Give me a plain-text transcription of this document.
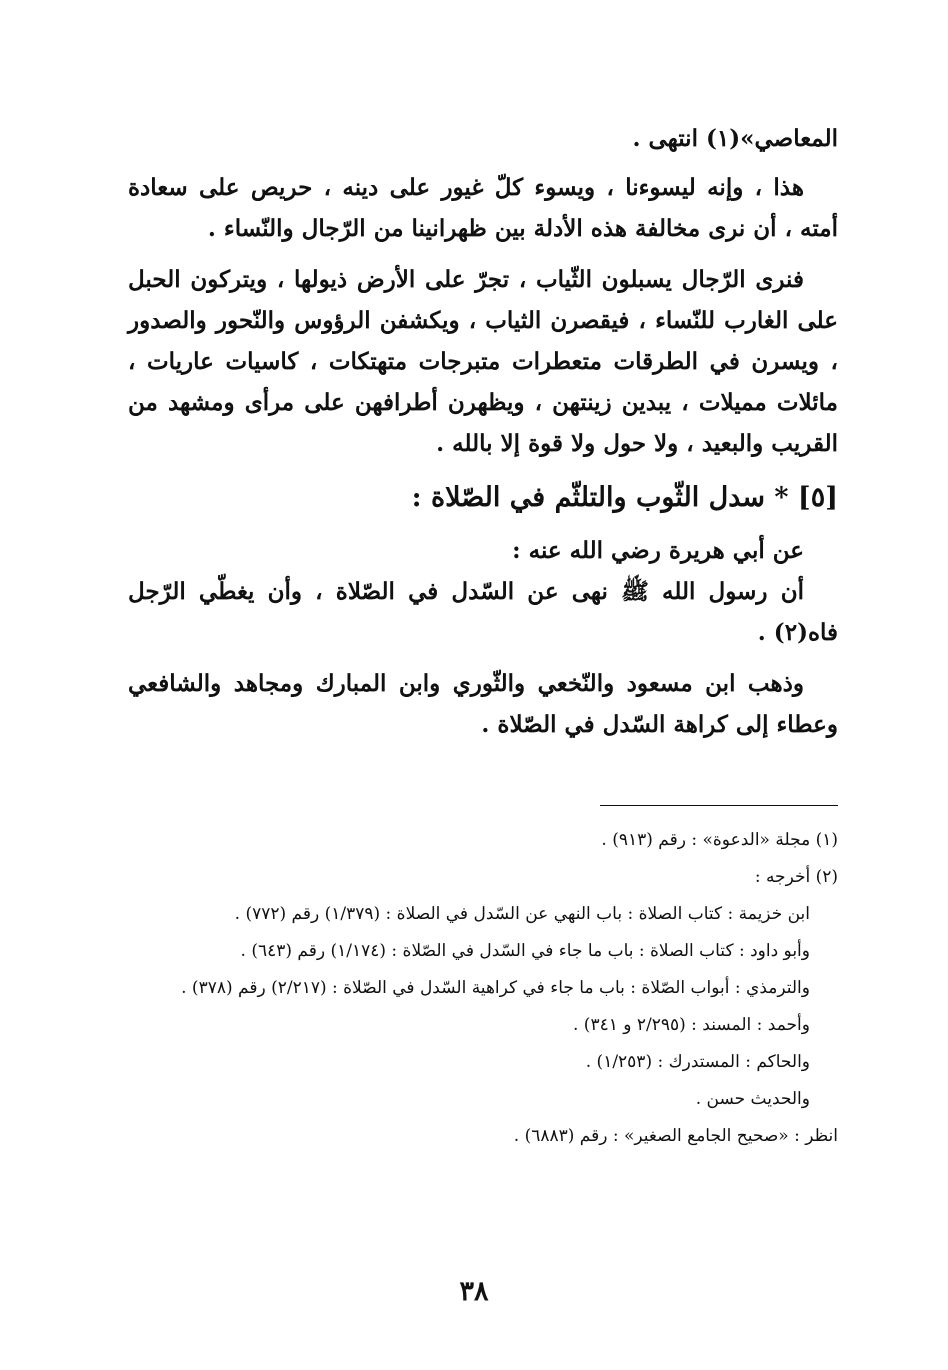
المعاصي»(١) انتهى .

هذا ، وإنه ليسوءنا ، ويسوء كلّ غيور على دينه ، حريص على سعادة أمته ، أن نرى مخالفة هذه الأدلة بين ظهرانينا من الرّجال والنّساء .

فنرى الرّجال يسبلون الثّياب ، تجرّ على الأرض ذيولها ، ويتركون الحبل على الغارب للنّساء ، فيقصرن الثياب ، ويكشفن الرؤوس والنّحور والصدور ، ويسرن في الطرقات متعطرات متبرجات متهتكات ، كاسيات عاريات ، مائلات مميلات ، يبدين زينتهن ، ويظهرن أطرافهن على مرأى ومشهد من القريب والبعيد ، ولا حول ولا قوة إلا بالله .

[٥] * سدل الثّوب والتلثّم في الصّلاة :

عن أبي هريرة رضي الله عنه :

أن رسول الله ﷺ نهى عن السّدل في الصّلاة ، وأن يغطّي الرّجل فاه(٢) .

وذهب ابن مسعود والنّخعي والثّوري وابن المبارك ومجاهد والشافعي وعطاء إلى كراهة السّدل في الصّلاة .

(١) مجلة «الدعوة» : رقم (٩١٣) .

(٢) أخرجه :

ابن خزيمة : كتاب الصلاة : باب النهي عن السّدل في الصلاة : (١/٣٧٩) رقم (٧٧٢) .

وأبو داود : كتاب الصلاة : باب ما جاء في السّدل في الصّلاة : (١/١٧٤) رقم (٦٤٣) .

والترمذي : أبواب الصّلاة : باب ما جاء في كراهية السّدل في الصّلاة : (٢/٢١٧) رقم (٣٧٨) .

وأحمد : المسند : (٢/٢٩٥ و ٣٤١) .

والحاكم : المستدرك : (١/٢٥٣) .

والحديث حسن .

انظر : «صحيح الجامع الصغير» : رقم (٦٨٨٣) .

٣٨
